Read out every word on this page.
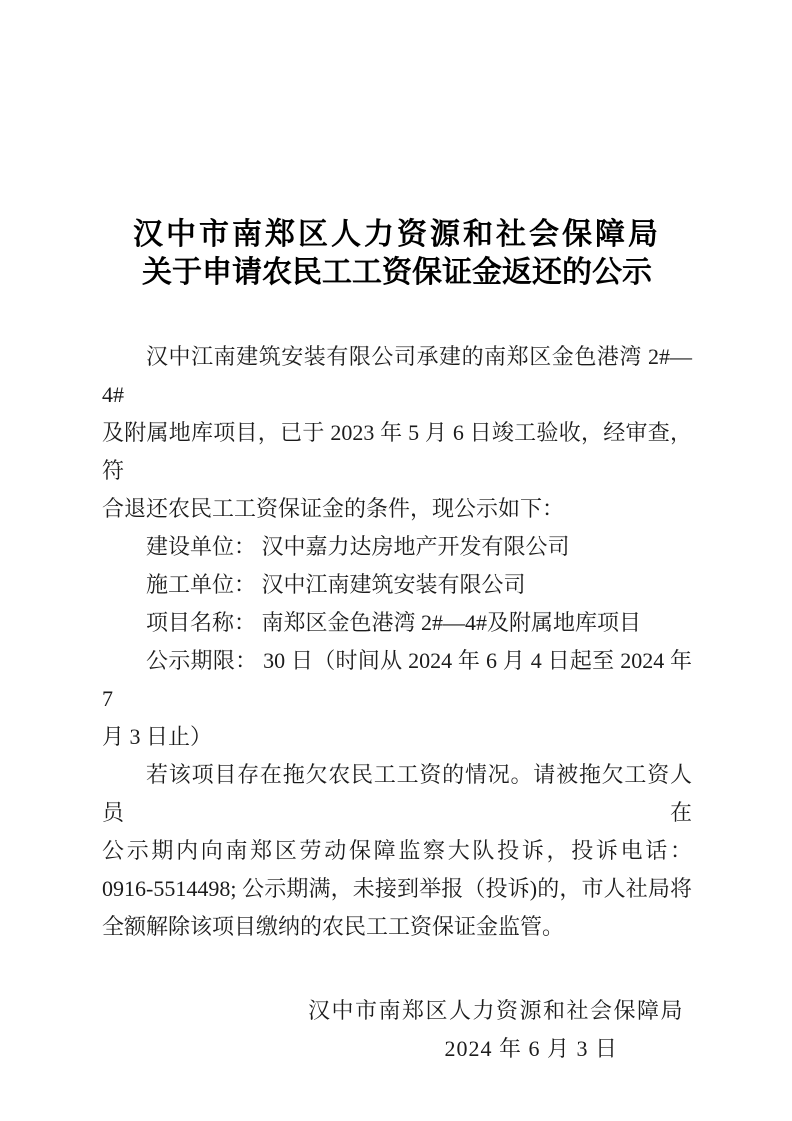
汉中市南郑区人力资源和社会保障局
关于申请农民工工资保证金返还的公示
汉中江南建筑安装有限公司承建的南郑区金色港湾 2#—4#
及附属地库项目，已于 2023 年 5 月 6 日竣工验收，经审查，符
合退还农民工工资保证金的条件，现公示如下：
建设单位： 汉中嘉力达房地产开发有限公司
施工单位： 汉中江南建筑安装有限公司
项目名称： 南郑区金色港湾 2#—4#及附属地库项目
公示期限： 30 日（时间从 2024 年 6 月 4 日起至 2024 年 7
月 3 日止）
若该项目存在拖欠农民工工资的情况。请被拖欠工资人员在
公示期内向南郑区劳动保障监察大队投诉，投诉电话：
0916-5514498; 公示期满，未接到举报（投诉)的，市人社局将
全额解除该项目缴纳的农民工工资保证金监管。
汉中市南郑区人力资源和社会保障局
2024 年 6 月 3 日
